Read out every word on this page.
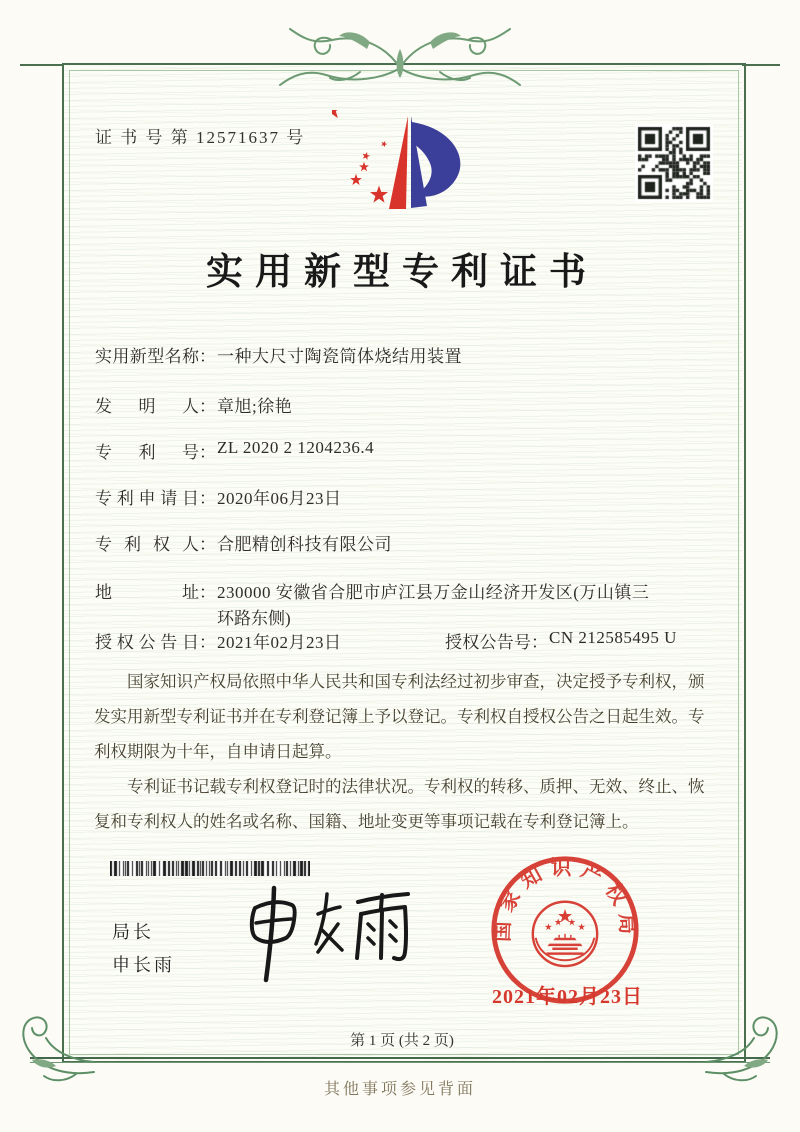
证 书 号 第 12571637 号
实用新型专利证书
实用新型名称：一种大尺寸陶瓷筒体烧结用装置
发明人：章旭;徐艳
专利号：ZL 2020 2 1204236.4
专利申请日：2020年06月23日
专利权人：合肥精创科技有限公司
地址：230000 安徽省合肥市庐江县万金山经济开发区(万山镇三
环路东侧)
授权公告日：2021年02月23日	授权公告号：CN 212585495 U

国家知识产权局依照中华人民共和国专利法经过初步审查，决定授予专利权，颁发实用新型专利证书并在专利登记簿上予以登记。专利权自授权公告之日起生效。专利权期限为十年，自申请日起算。

专利证书记载专利权登记时的法律状况。专利权的转移、质押、无效、终止、恢复和专利权人的姓名或名称、国籍、地址变更等事项记载在专利登记簿上。

局长
申长雨
国家知识产权局
2021年02月23日
第 1 页 (共 2 页)
其他事项参见背面
